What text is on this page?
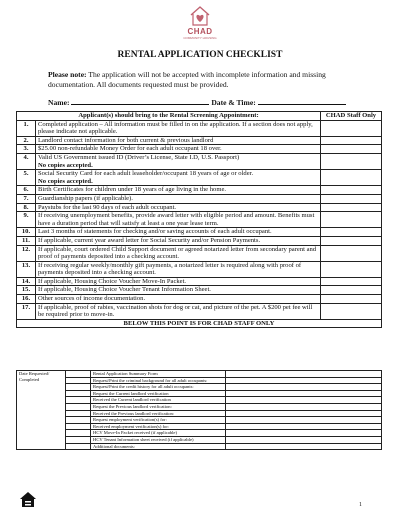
CHAD
COMMUNITY HOUSING
RENTAL APPLICATION CHECKLIST
Please note: The application will not be accepted with incomplete information and missing documentation. All documents requested must be provided.
Name:	Date & Time:
Applicant(s) should bring to the Rental Screening Appointment:		CHAD Staff Only
1.	Completed application – All information must be filled in on the application. If a section does not apply, please indicate not applicable.	
2.	Landlord contact information for both current & previous landlord	
3.	$25.00 non-refundable Money Order for each adult occupant 18 over.	
4.	Valid US Government issued ID (Driver’s License, State I.D, U.S. Passport)
No copies accepted.	
5.	Social Security Card for each adult leaseholder/occupant 18 years of age or older.
No copies accepted.	
6.	Birth Certificates for children under 18 years of age living in the home.	
7.	Guardianship papers (if applicable).	
8.	Paystubs for the last 90 days of each adult occupant.	
9.	If receiving unemployment benefits, provide award letter with eligible period and amount. Benefits must have a duration period that will satisfy at least a one year lease term.	
10.	Last 3 months of statements for checking and/or saving accounts of each adult occupant.	
11.	If applicable, current year award letter for Social Security and/or Pension Payments.	
12.	If applicable, court ordered Child Support document or agreed notarized letter from secondary parent and proof of payments deposited into a checking account.	
13.	If receiving regular weekly/monthly gift payments, a notarized letter is required along with proof of payments deposited into a checking account.	
14.	If applicable, Housing Choice Voucher Move-In Packet.	
15.	If applicable, Housing Choice Voucher Tenant Information Sheet.	
16.	Other sources of income documentation.	
17.	If applicable, proof of rabies, vaccination shots for dog or cat, and picture of the pet. A $200 pet fee will be required prior to move-in.	
BELOW THIS POINT IS FOR CHAD STAFF ONLY		
Date Requested/ Completed		Rental Application Summary Form	
		Request/Print the criminal background for all adult occupants:	
		Request/Print the credit history for all adult occupants:	
		Request the Current landlord verification	
		Received the Current landlord verification	
		Request the Previous landlord verification:	
		Received the Previous landlord verification:	
		Request employment verification(s) for:	
		Received employment verification(s) for:	
		HCV Move-In Packet received (if applicable)	
		HCV Tenant Information sheet received (if applicable)	
		Additional documents:	
1
